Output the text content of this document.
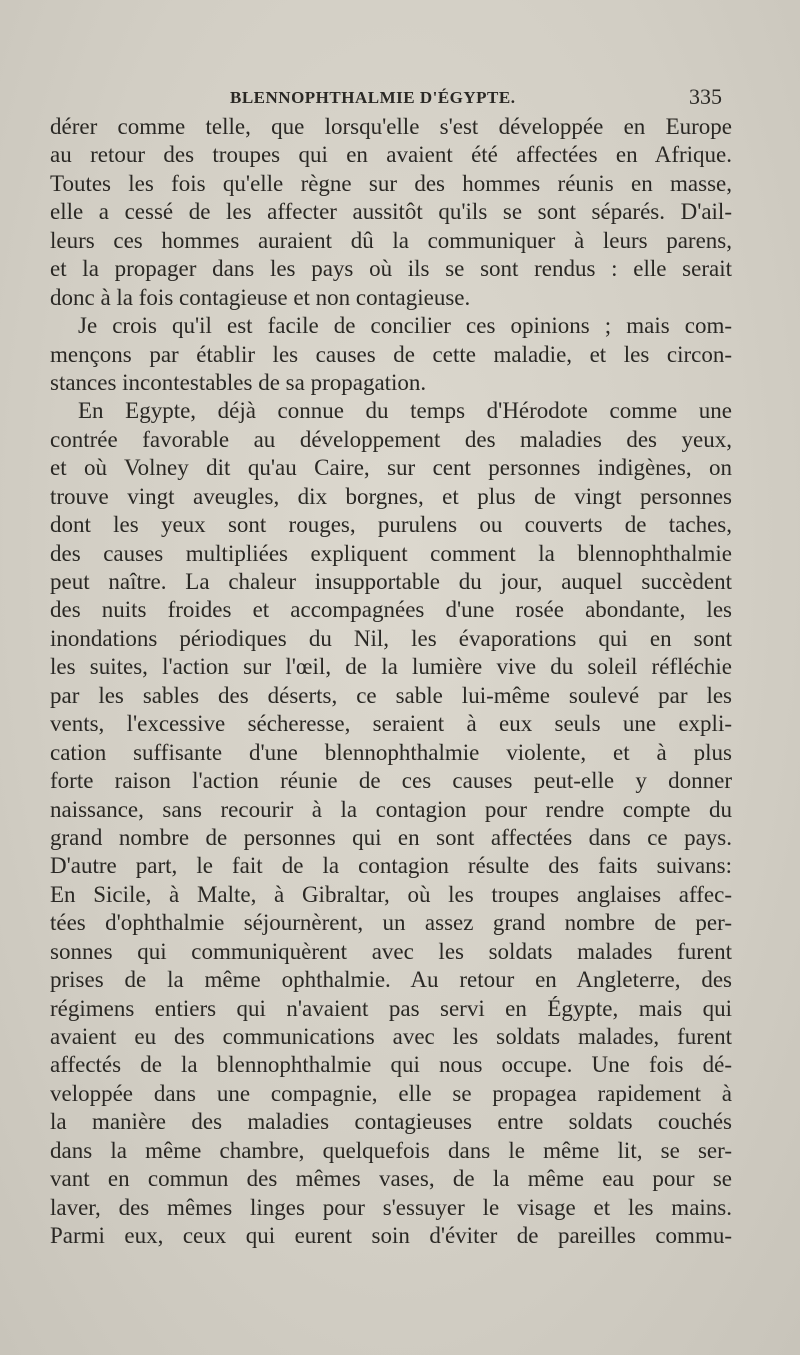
BLENNOPHTHALMIE D'ÉGYPTE.	335
dérer comme telle, que lorsqu'elle s'est développée en Europe
au retour des troupes qui en avaient été affectées en Afrique.
Toutes les fois qu'elle règne sur des hommes réunis en masse,
elle a cessé de les affecter aussitôt qu'ils se sont séparés. D'ail-
leurs ces hommes auraient dû la communiquer à leurs parens,
et la propager dans les pays où ils se sont rendus : elle serait
donc à la fois contagieuse et non contagieuse.
Je crois qu'il est facile de concilier ces opinions ; mais com-
mençons par établir les causes de cette maladie, et les circon-
stances incontestables de sa propagation.
En Egypte, déjà connue du temps d'Hérodote comme une
contrée favorable au développement des maladies des yeux,
et où Volney dit qu'au Caire, sur cent personnes indigènes, on
trouve vingt aveugles, dix borgnes, et plus de vingt personnes
dont les yeux sont rouges, purulens ou couverts de taches,
des causes multipliées expliquent comment la blennophthalmie
peut naître. La chaleur insupportable du jour, auquel succèdent
des nuits froides et accompagnées d'une rosée abondante, les
inondations périodiques du Nil, les évaporations qui en sont
les suites, l'action sur l'œil, de la lumière vive du soleil réfléchie
par les sables des déserts, ce sable lui-même soulevé par les
vents, l'excessive sécheresse, seraient à eux seuls une expli-
cation suffisante d'une blennophthalmie violente, et à plus
forte raison l'action réunie de ces causes peut-elle y donner
naissance, sans recourir à la contagion pour rendre compte du
grand nombre de personnes qui en sont affectées dans ce pays.
D'autre part, le fait de la contagion résulte des faits suivans:
En Sicile, à Malte, à Gibraltar, où les troupes anglaises affec-
tées d'ophthalmie séjournèrent, un assez grand nombre de per-
sonnes qui communiquèrent avec les soldats malades furent
prises de la même ophthalmie. Au retour en Angleterre, des
régimens entiers qui n'avaient pas servi en Égypte, mais qui
avaient eu des communications avec les soldats malades, furent
affectés de la blennophthalmie qui nous occupe. Une fois dé-
veloppée dans une compagnie, elle se propagea rapidement à
la manière des maladies contagieuses entre soldats couchés
dans la même chambre, quelquefois dans le même lit, se ser-
vant en commun des mêmes vases, de la même eau pour se
laver, des mêmes linges pour s'essuyer le visage et les mains.
Parmi eux, ceux qui eurent soin d'éviter de pareilles commu-
